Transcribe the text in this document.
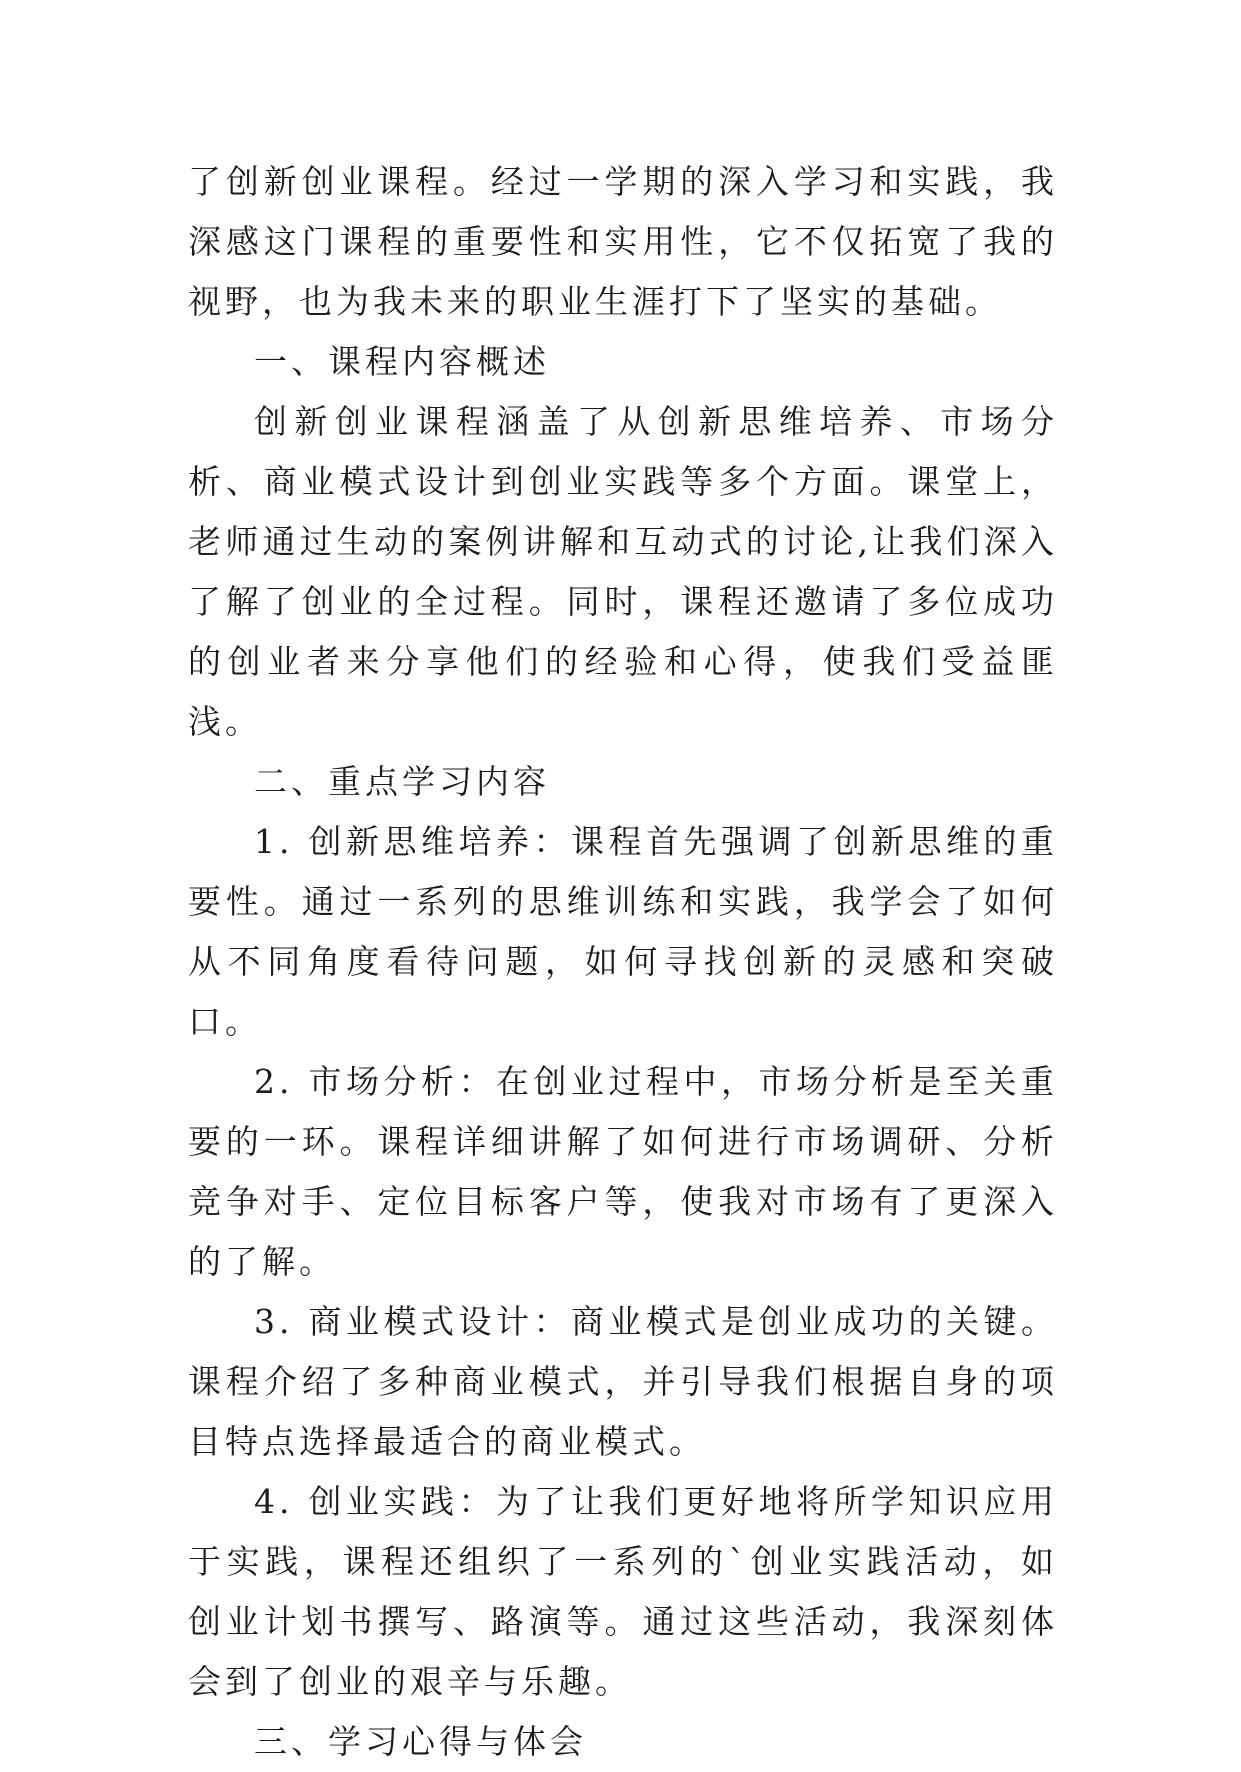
了创新创业课程。经过一学期的深入学习和实践，我深感这门课程的重要性和实用性，它不仅拓宽了我的视野，也为我未来的职业生涯打下了坚实的基础。

一、课程内容概述

创新创业课程涵盖了从创新思维培养、市场分析、商业模式设计到创业实践等多个方面。课堂上，老师通过生动的案例讲解和互动式的讨论,让我们深入了解了创业的全过程。同时，课程还邀请了多位成功的创业者来分享他们的经验和心得，使我们受益匪浅。

二、重点学习内容

1. 创新思维培养：课程首先强调了创新思维的重要性。通过一系列的思维训练和实践，我学会了如何从不同角度看待问题，如何寻找创新的灵感和突破口。

2. 市场分析：在创业过程中，市场分析是至关重要的一环。课程详细讲解了如何进行市场调研、分析竞争对手、定位目标客户等，使我对市场有了更深入的了解。

3. 商业模式设计：商业模式是创业成功的关键。课程介绍了多种商业模式，并引导我们根据自身的项目特点选择最适合的商业模式。

4. 创业实践：为了让我们更好地将所学知识应用于实践，课程还组织了一系列的`创业实践活动，如创业计划书撰写、路演等。通过这些活动，我深刻体会到了创业的艰辛与乐趣。

三、学习心得与体会
